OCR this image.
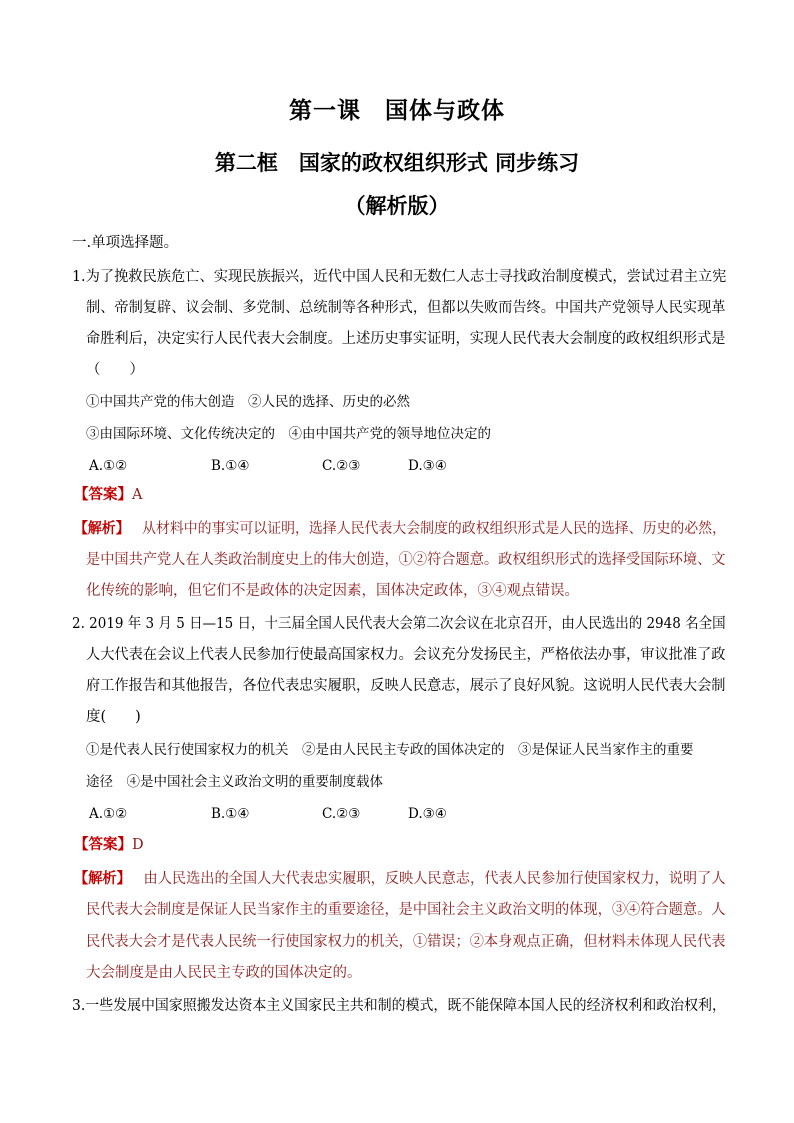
第一课　国体与政体
第二框　国家的政权组织形式 同步练习
（解析版）
一.单项选择题。
1.为了挽救民族危亡、实现民族振兴，近代中国人民和无数仁人志士寻找政治制度模式，尝试过君主立宪
制、帝制复辟、议会制、多党制、总统制等各种形式，但都以失败而告终。中国共产党领导人民实现革
命胜利后，决定实行人民代表大会制度。上述历史事实证明，实现人民代表大会制度的政权组织形式是
（　　）
①中国共产党的伟大创造　②人民的选择、历史的必然
③由国际环境、文化传统决定的　④由中国共产党的领导地位决定的
A.①②	B.①④	C.②③	D.③④
【答案】A
【解析】 从材料中的事实可以证明，选择人民代表大会制度的政权组织形式是人民的选择、历史的必然，
是中国共产党人在人类政治制度史上的伟大创造，①②符合题意。政权组织形式的选择受国际环境、文
化传统的影响，但它们不是政体的决定因素，国体决定政体，③④观点错误。
2. 2019 年 3 月 5 日—15 日，十三届全国人民代表大会第二次会议在北京召开，由人民选出的 2948 名全国
人大代表在会议上代表人民参加行使最高国家权力。会议充分发扬民主，严格依法办事，审议批准了政
府工作报告和其他报告，各位代表忠实履职，反映人民意志，展示了良好风貌。这说明人民代表大会制
度(　　)
①是代表人民行使国家权力的机关　②是由人民民主专政的国体决定的　③是保证人民当家作主的重要
途径　④是中国社会主义政治文明的重要制度载体
A.①②	B.①④	C.②③	D.③④
【答案】D
【解析】 由人民选出的全国人大代表忠实履职，反映人民意志，代表人民参加行使国家权力，说明了人
民代表大会制度是保证人民当家作主的重要途径，是中国社会主义政治文明的体现，③④符合题意。人
民代表大会才是代表人民统一行使国家权力的机关，①错误；②本身观点正确，但材料未体现人民代表
大会制度是由人民民主专政的国体决定的。
3.一些发展中国家照搬发达资本主义国家民主共和制的模式，既不能保障本国人民的经济权利和政治权利，
